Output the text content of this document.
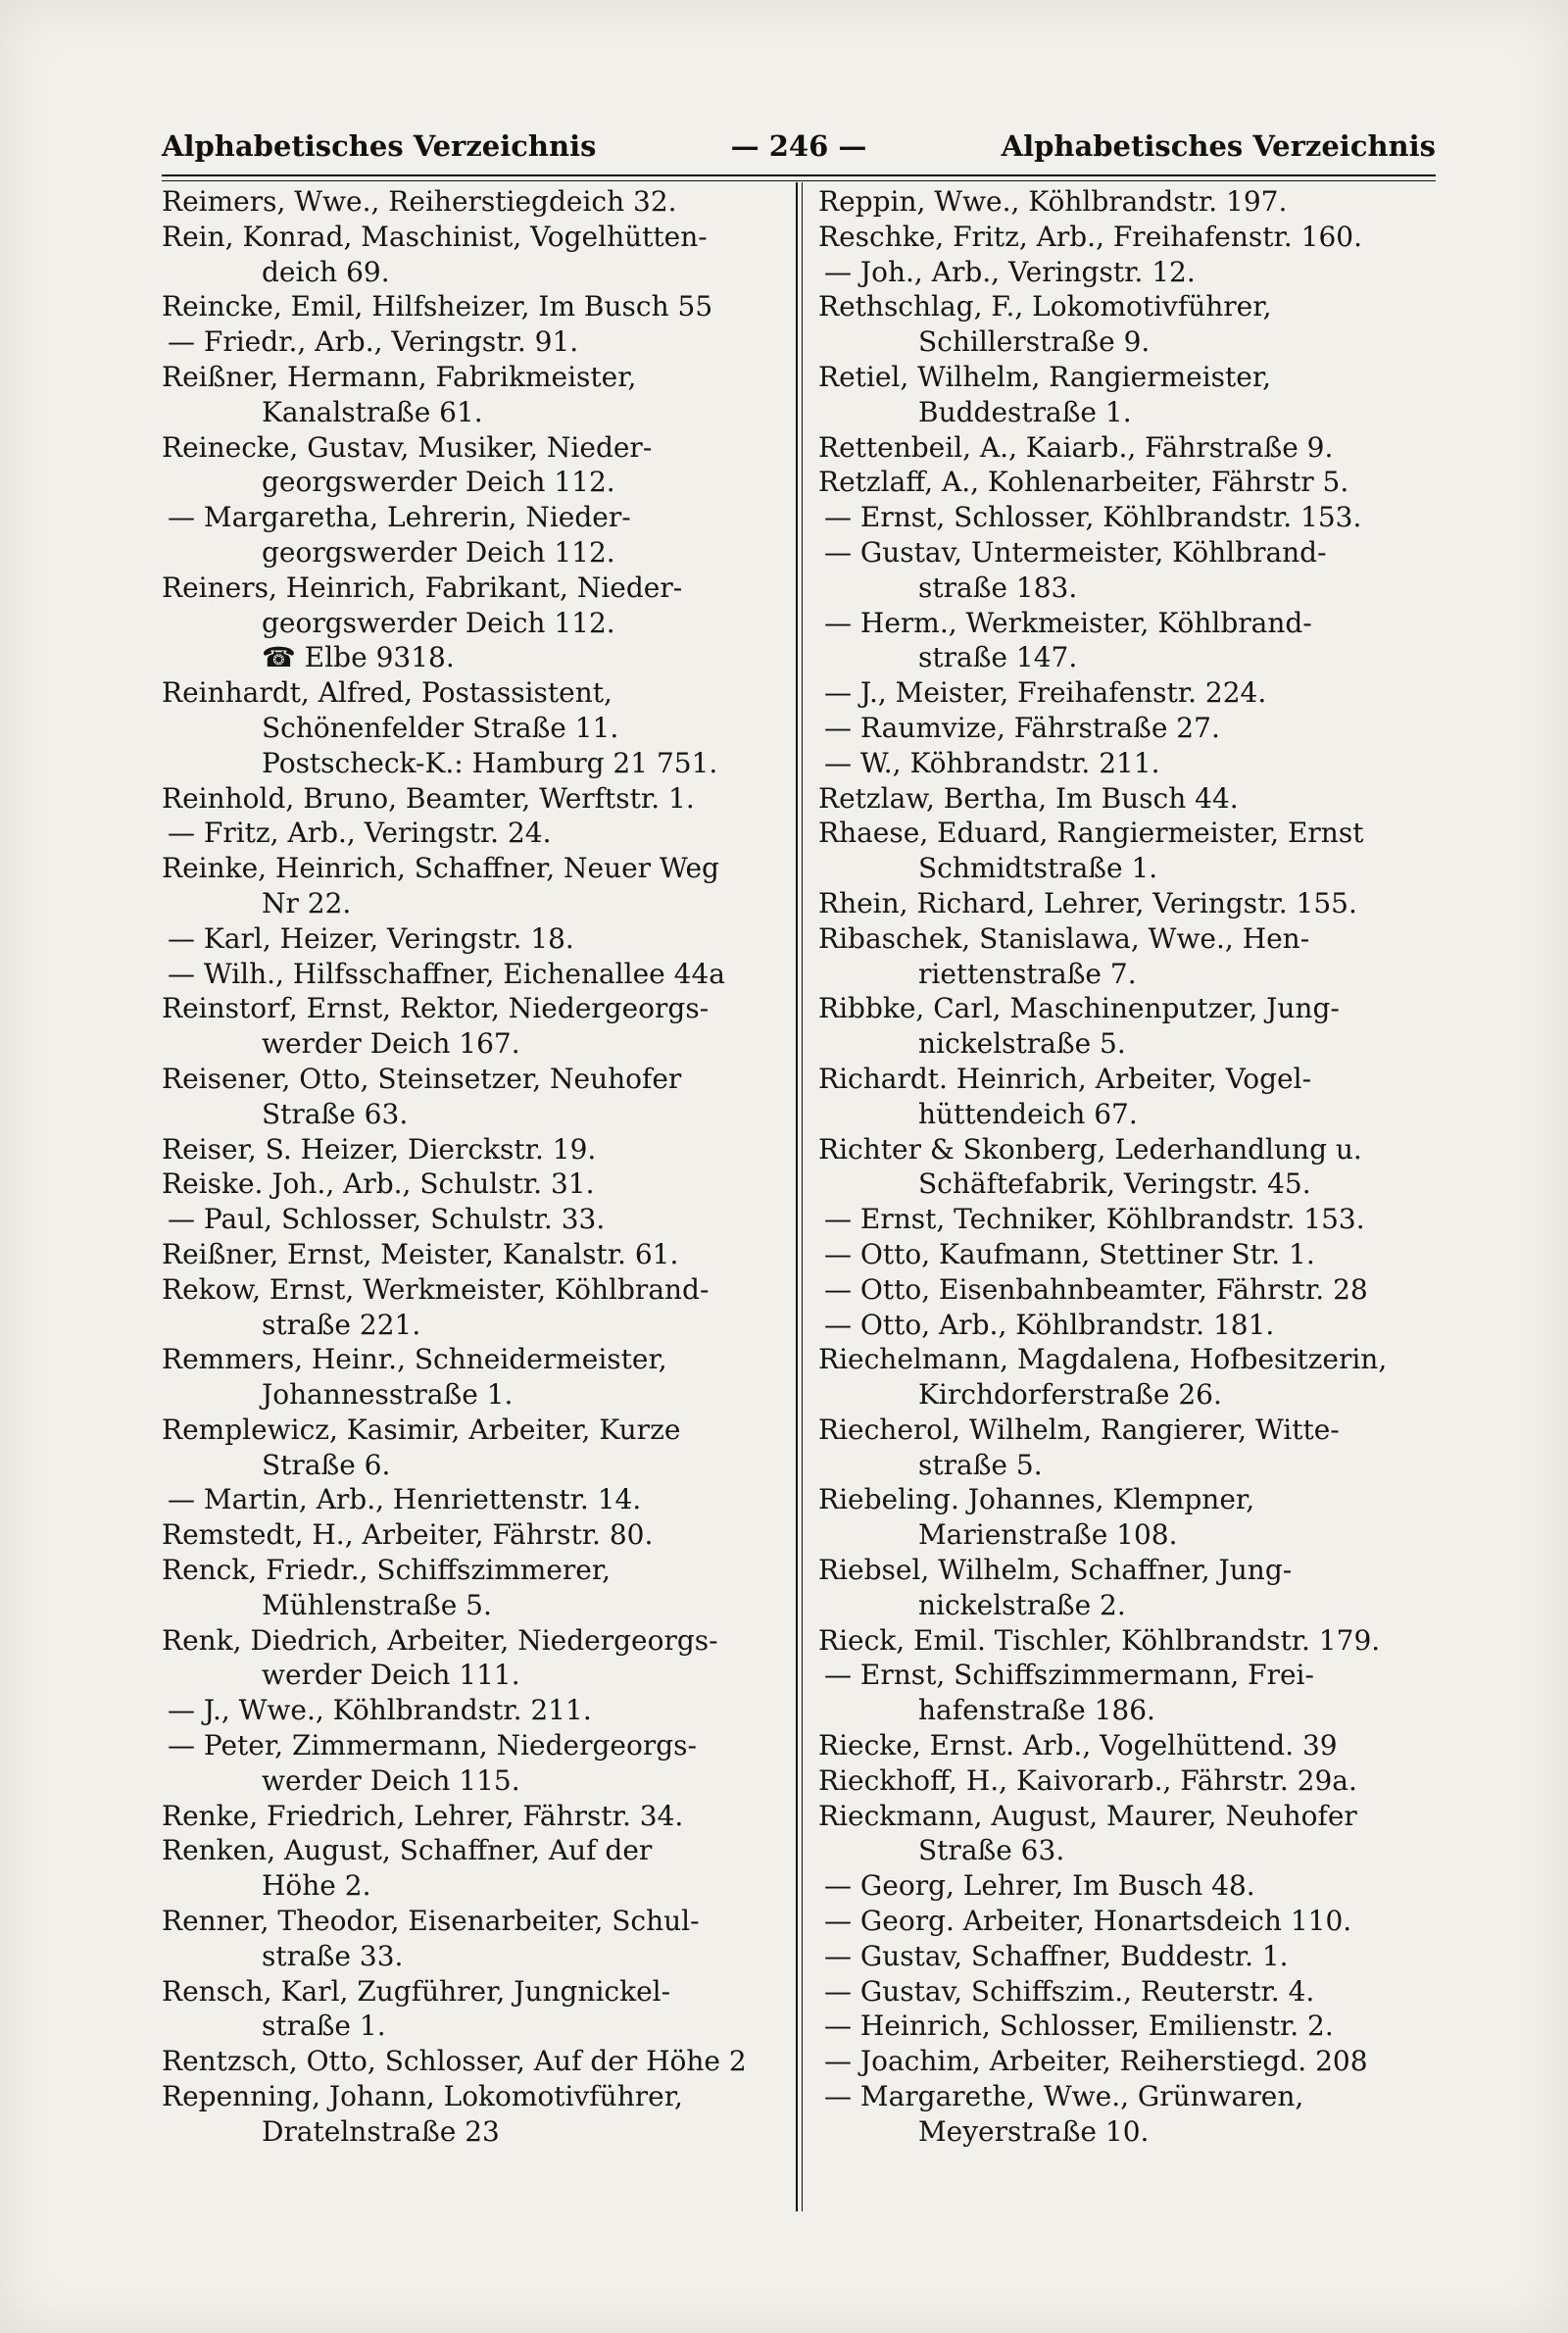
Alphabetisches Verzeichnis	— 246 —	Alphabetisches Verzeichnis
Reimers, Wwe., Reiherstiegdeich 32.
Rein, Konrad, Maschinist, Vogelhütten-
deich 69.
Reincke, Emil, Hilfsheizer, Im Busch 55
— Friedr., Arb., Veringstr. 91.
Reißner, Hermann, Fabrikmeister,
Kanalstraße 61.
Reinecke, Gustav, Musiker, Nieder-
georgswerder Deich 112.
— Margaretha, Lehrerin, Nieder-
georgswerder Deich 112.
Reiners, Heinrich, Fabrikant, Nieder-
georgswerder Deich 112.
☎ Elbe 9318.
Reinhardt, Alfred, Postassistent,
Schönenfelder Straße 11.
Postscheck-K.: Hamburg 21 751.
Reinhold, Bruno, Beamter, Werftstr. 1.
— Fritz, Arb., Veringstr. 24.
Reinke, Heinrich, Schaffner, Neuer Weg
Nr 22.
— Karl, Heizer, Veringstr. 18.
— Wilh., Hilfsschaffner, Eichenallee 44a
Reinstorf, Ernst, Rektor, Niedergeorgs-
werder Deich 167.
Reisener, Otto, Steinsetzer, Neuhofer
Straße 63.
Reiser, S. Heizer, Dierckstr. 19.
Reiske. Joh., Arb., Schulstr. 31.
— Paul, Schlosser, Schulstr. 33.
Reißner, Ernst, Meister, Kanalstr. 61.
Rekow, Ernst, Werkmeister, Köhlbrand-
straße 221.
Remmers, Heinr., Schneidermeister,
Johannesstraße 1.
Remplewicz, Kasimir, Arbeiter, Kurze
Straße 6.
— Martin, Arb., Henriettenstr. 14.
Remstedt, H., Arbeiter, Fährstr. 80.
Renck, Friedr., Schiffszimmerer,
Mühlenstraße 5.
Renk, Diedrich, Arbeiter, Niedergeorgs-
werder Deich 111.
— J., Wwe., Köhlbrandstr. 211.
— Peter, Zimmermann, Niedergeorgs-
werder Deich 115.
Renke, Friedrich, Lehrer, Fährstr. 34.
Renken, August, Schaffner, Auf der
Höhe 2.
Renner, Theodor, Eisenarbeiter, Schul-
straße 33.
Rensch, Karl, Zugführer, Jungnickel-
straße 1.
Rentzsch, Otto, Schlosser, Auf der Höhe 2
Repenning, Johann, Lokomotivführer,
Dratelnstraße 23
Reppin, Wwe., Köhlbrandstr. 197.
Reschke, Fritz, Arb., Freihafenstr. 160.
— Joh., Arb., Veringstr. 12.
Rethschlag, F., Lokomotivführer,
Schillerstraße 9.
Retiel, Wilhelm, Rangiermeister,
Buddestraße 1.
Rettenbeil, A., Kaiarb., Fährstraße 9.
Retzlaff, A., Kohlenarbeiter, Fährstr 5.
— Ernst, Schlosser, Köhlbrandstr. 153.
— Gustav, Untermeister, Köhlbrand-
straße 183.
— Herm., Werkmeister, Köhlbrand-
straße 147.
— J., Meister, Freihafenstr. 224.
— Raumvize, Fährstraße 27.
— W., Köhbrandstr. 211.
Retzlaw, Bertha, Im Busch 44.
Rhaese, Eduard, Rangiermeister, Ernst
Schmidtstraße 1.
Rhein, Richard, Lehrer, Veringstr. 155.
Ribaschek, Stanislawa, Wwe., Hen-
riettenstraße 7.
Ribbke, Carl, Maschinenputzer, Jung-
nickelstraße 5.
Richardt. Heinrich, Arbeiter, Vogel-
hüttendeich 67.
Richter & Skonberg, Lederhandlung u.
Schäftefabrik, Veringstr. 45.
— Ernst, Techniker, Köhlbrandstr. 153.
— Otto, Kaufmann, Stettiner Str. 1.
— Otto, Eisenbahnbeamter, Fährstr. 28
— Otto, Arb., Köhlbrandstr. 181.
Riechelmann, Magdalena, Hofbesitzerin,
Kirchdorferstraße 26.
Riecherol, Wilhelm, Rangierer, Witte-
straße 5.
Riebeling. Johannes, Klempner,
Marienstraße 108.
Riebsel, Wilhelm, Schaffner, Jung-
nickelstraße 2.
Rieck, Emil. Tischler, Köhlbrandstr. 179.
— Ernst, Schiffszimmermann, Frei-
hafenstraße 186.
Riecke, Ernst. Arb., Vogelhüttend. 39
Rieckhoff, H., Kaivorarb., Fährstr. 29a.
Rieckmann, August, Maurer, Neuhofer
Straße 63.
— Georg, Lehrer, Im Busch 48.
— Georg. Arbeiter, Honartsdeich 110.
— Gustav, Schaffner, Buddestr. 1.
— Gustav, Schiffszim., Reuterstr. 4.
— Heinrich, Schlosser, Emilienstr. 2.
— Joachim, Arbeiter, Reiherstiegd. 208
— Margarethe, Wwe., Grünwaren,
Meyerstraße 10.
